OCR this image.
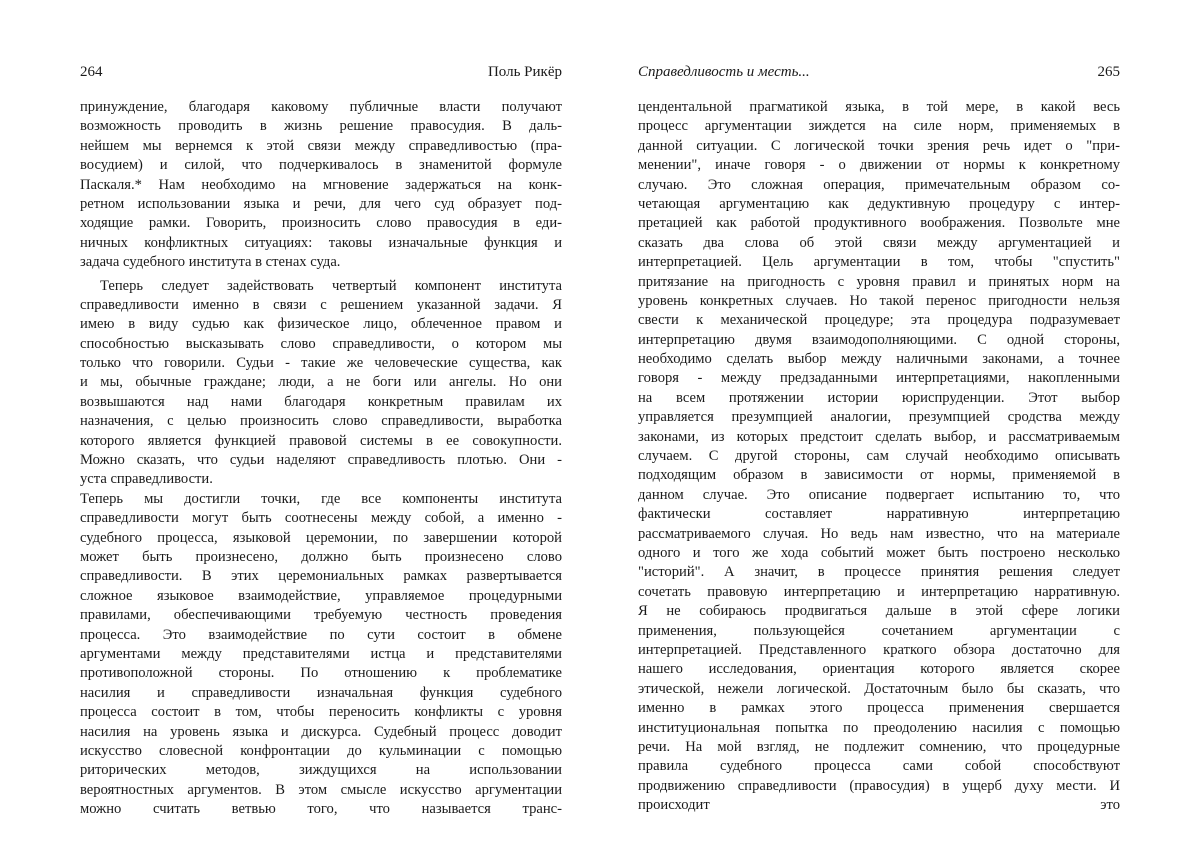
264	Поль Рикёр
принуждение, благодаря каковому публичные власти получают
возможность проводить в жизнь решение правосудия. В даль-
нейшем мы вернемся к этой связи между справедливостью (пра-
восудием) и силой, что подчеркивалось в знаменитой формуле
Паскаля.* Нам необходимо на мгновение задержаться на конк-
ретном использовании языка и речи, для чего суд образует под-
ходящие рамки. Говорить, произносить слово правосудия в еди-
ничных конфликтных ситуациях: таковы изначальные функция и
задача судебного института в стенах суда.
Теперь следует задействовать четвертый компонент института
справедливости именно в связи с решением указанной задачи. Я
имею в виду судью как физическое лицо, облеченное правом и
способностью высказывать слово справедливости, о котором мы
только что говорили. Судьи - такие же человеческие существа, как
и мы, обычные граждане; люди, а не боги или ангелы. Но они
возвышаются над нами благодаря конкретным правилам их
назначения, с целью произносить слово справедливости, выработка
которого является функцией правовой системы в ее совокупности.
Можно сказать, что судьи наделяют справедливость плотью. Они -
уста справедливости.
Теперь мы достигли точки, где все компоненты института
справедливости могут быть соотнесены между собой, а именно -
судебного процесса, языковой церемонии, по завершении которой
может быть произнесено, должно быть произнесено слово
справедливости. В этих церемониальных рамках развертывается
сложное языковое взаимодействие, управляемое процедурными
правилами, обеспечивающими требуемую честность проведения
процесса. Это взаимодействие по сути состоит в обмене
аргументами между представителями истца и представителями
противоположной стороны. По отношению к проблематике
насилия и справедливости изначальная функция судебного
процесса состоит в том, чтобы переносить конфликты с уровня
насилия на уровень языка и дискурса. Судебный процесс доводит
искусство словесной конфронтации до кульминации с помощью
риторических методов, зиждущихся на использовании
вероятностных аргументов. В этом смысле искусство аргументации
можно считать ветвью того, что называется транс-
Справедливость и месть...	265
цендентальной прагматикой языка, в той мере, в какой весь
процесс аргументации зиждется на силе норм, применяемых в
данной ситуации. С логической точки зрения речь идет о "при-
менении", иначе говоря - о движении от нормы к конкретному
случаю. Это сложная операция, примечательным образом со-
четающая аргументацию как дедуктивную процедуру с интер-
претацией как работой продуктивного воображения. Позвольте мне
сказать два слова об этой связи между аргументацией и
интерпретацией. Цель аргументации в том, чтобы "спустить"
притязание на пригодность с уровня правил и принятых норм на
уровень конкретных случаев. Но такой перенос пригодности нельзя
свести к механической процедуре; эта процедура подразумевает
интерпретацию двумя взаимодополняющими. С одной стороны,
необходимо сделать выбор между наличными законами, а точнее
говоря - между предзаданными интерпретациями, накопленными
на всем протяжении истории юриспруденции. Этот выбор
управляется презумпцией аналогии, презумпцией сродства между
законами, из которых предстоит сделать выбор, и рассматриваемым
случаем. С другой стороны, сам случай необходимо описывать
подходящим образом в зависимости от нормы, применяемой в
данном случае. Это описание подвергает испытанию то, что
фактически составляет нарративную интерпретацию
рассматриваемого случая. Но ведь нам известно, что на материале
одного и того же хода событий может быть построено несколько
"историй". А значит, в процессе принятия решения следует
сочетать правовую интерпретацию и интерпретацию нарративную.
Я не собираюсь продвигаться дальше в этой сфере логики
применения, пользующейся сочетанием аргументации с
интерпретацией. Представленного краткого обзора достаточно для
нашего исследования, ориентация которого является скорее
этической, нежели логической. Достаточным было бы сказать, что
именно в рамках этого процесса применения свершается
институциональная попытка по преодолению насилия с помощью
речи. На мой взгляд, не подлежит сомнению, что процедурные
правила судебного процесса сами собой способствуют
продвижению справедливости (правосудия) в ущерб духу мести. И
происходит это
